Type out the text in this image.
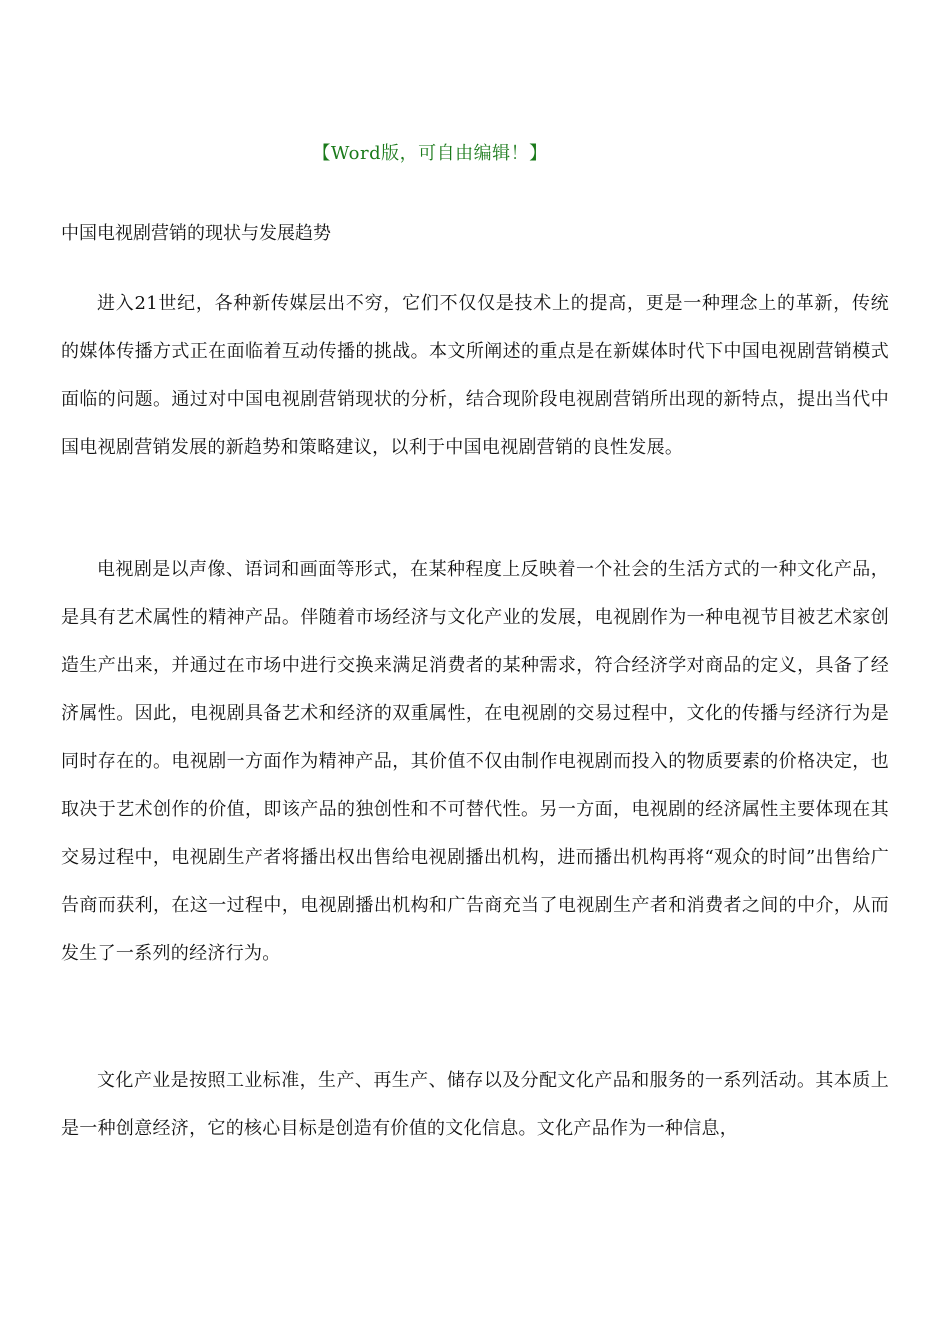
【Word版，可自由编辑！】
中国电视剧营销的现状与发展趋势

进入21世纪，各种新传媒层出不穷，它们不仅仅是技术上的提高，更是一种理念上的革新，传统的媒体传播方式正在面临着互动传播的挑战。本文所阐述的重点是在新媒体时代下中国电视剧营销模式面临的问题。通过对中国电视剧营销现状的分析，结合现阶段电视剧营销所出现的新特点，提出当代中国电视剧营销发展的新趋势和策略建议，以利于中国电视剧营销的良性发展。

电视剧是以声像、语词和画面等形式，在某种程度上反映着一个社会的生活方式的一种文化产品，是具有艺术属性的精神产品。伴随着市场经济与文化产业的发展，电视剧作为一种电视节目被艺术家创造生产出来，并通过在市场中进行交换来满足消费者的某种需求，符合经济学对商品的定义，具备了经济属性。因此，电视剧具备艺术和经济的双重属性，在电视剧的交易过程中，文化的传播与经济行为是同时存在的。电视剧一方面作为精神产品，其价值不仅由制作电视剧而投入的物质要素的价格决定，也取决于艺术创作的价值，即该产品的独创性和不可替代性。另一方面，电视剧的经济属性主要体现在其交易过程中，电视剧生产者将播出权出售给电视剧播出机构，进而播出机构再将“观众的时间”出售给广告商而获利，在这一过程中，电视剧播出机构和广告商充当了电视剧生产者和消费者之间的中介，从而发生了一系列的经济行为。

文化产业是按照工业标准，生产、再生产、储存以及分配文化产品和服务的一系列活动。其本质上是一种创意经济，它的核心目标是创造有价值的文化信息。文化产品作为一种信息，
